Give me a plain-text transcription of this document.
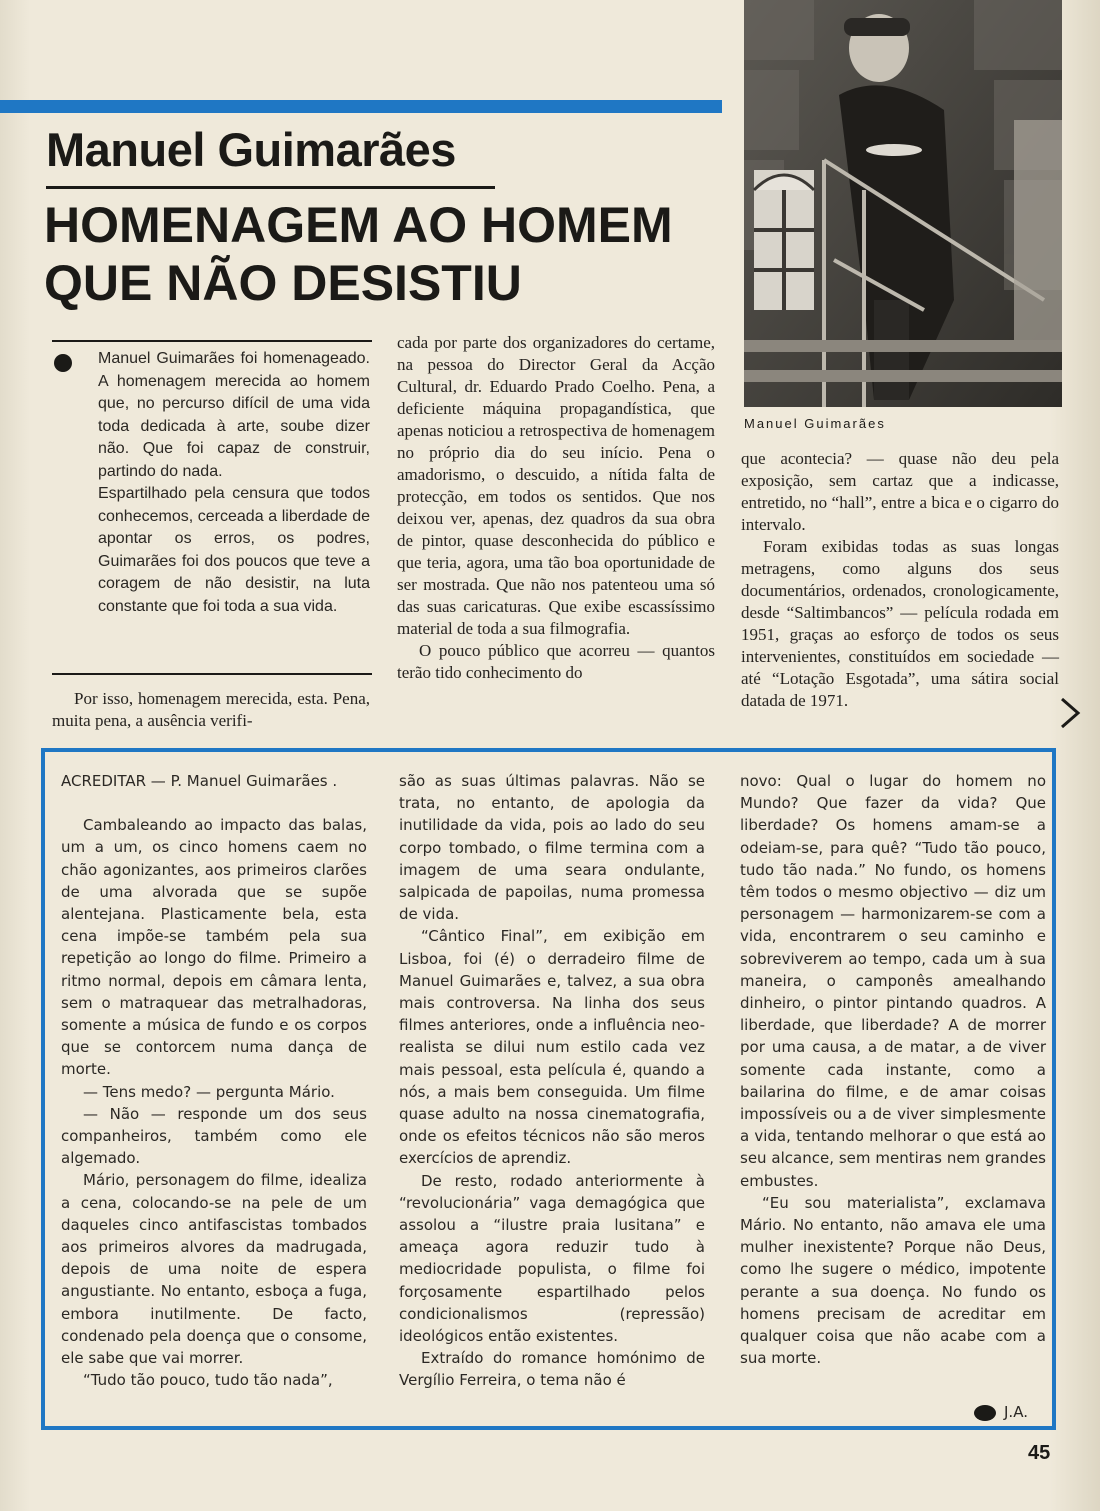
Manuel Guimarães
HOMENAGEM AO HOMEM
QUE NÃO DESISTIU
Manuel Guimarães

Manuel Guimarães foi homenageado. A homenagem merecida ao homem que, no percurso difícil de uma vida toda dedicada à arte, soube dizer não. Que foi capaz de construir, partindo do nada.

Espartilhado pela censura que todos conhecemos, cerceada a liberdade de apontar os erros, os podres, Guimarães foi dos poucos que teve a coragem de não desistir, na luta constante que foi toda a sua vida.

Por isso, homenagem merecida, esta. Pena, muita pena, a ausência verifi-

cada por parte dos organizadores do certame, na pessoa do Director Geral da Acção Cultural, dr. Eduardo Prado Coelho. Pena, a deficiente máquina propagandística, que apenas noticiou a retrospectiva de homenagem no próprio dia do seu início. Pena o amadorismo, o descuido, a nítida falta de protecção, em todos os sentidos. Que nos deixou ver, apenas, dez quadros da sua obra de pintor, quase desconhecida do público e que teria, agora, uma tão boa oportunidade de ser mostrada. Que não nos patenteou uma só das suas caricaturas. Que exibe escassíssimo material de toda a sua filmografia.

O pouco público que acorreu — quantos terão tido conhecimento do

que acontecia? — quase não deu pela exposição, sem cartaz que a indicasse, entretido, no “hall”, entre a bica e o cigarro do intervalo.

Foram exibidas todas as suas longas metragens, como alguns dos seus documentários, ordenados, cronologicamente, desde “Saltimbancos” — película rodada em 1951, graças ao esforço de todos os seus intervenientes, constituídos em sociedade — até “Lotação Esgotada”, uma sátira social datada de 1971.

ACREDITAR — P. Manuel Guimarães .

Cambaleando ao impacto das balas, um a um, os cinco homens caem no chão agonizantes, aos primeiros clarões de uma alvorada que se supõe alentejana. Plasticamente bela, esta cena impõe-se também pela sua repetição ao longo do filme. Primeiro a ritmo normal, depois em câmara lenta, sem o matraquear das metralhadoras, somente a música de fundo e os corpos que se contorcem numa dança de morte.

— Tens medo? — pergunta Mário.

— Não — responde um dos seus companheiros, também como ele algemado.

Mário, personagem do filme, idealiza a cena, colocando-se na pele de um daqueles cinco antifascistas tombados aos primeiros alvores da madrugada, depois de uma noite de espera angustiante. No entanto, esboça a fuga, embora inutilmente. De facto, condenado pela doença que o consome, ele sabe que vai morrer.

“Tudo tão pouco, tudo tão nada”,

são as suas últimas palavras. Não se trata, no entanto, de apologia da inutilidade da vida, pois ao lado do seu corpo tombado, o filme termina com a imagem de uma seara ondulante, salpicada de papoilas, numa promessa de vida.

“Cântico Final”, em exibição em Lisboa, foi (é) o derradeiro filme de Manuel Guimarães e, talvez, a sua obra mais controversa. Na linha dos seus filmes anteriores, onde a influência neo-realista se dilui num estilo cada vez mais pessoal, esta película é, quando a nós, a mais bem conseguida. Um filme quase adulto na nossa cinematografia, onde os efeitos técnicos não são meros exercícios de aprendiz.

De resto, rodado anteriormente à “revolucionária” vaga demagógica que assolou a “ilustre praia lusitana” e ameaça agora reduzir tudo à mediocridade populista, o filme foi forçosamente espartilhado pelos condicionalismos (repressão) ideológicos então existentes.

Extraído do romance homónimo de Vergílio Ferreira, o tema não é

novo: Qual o lugar do homem no Mundo? Que fazer da vida? Que liberdade? Os homens amam-se a odeiam-se, para quê? “Tudo tão pouco, tudo tão nada.” No fundo, os homens têm todos o mesmo objectivo — diz um personagem — harmonizarem-se com a vida, encontrarem o seu caminho e sobreviverem ao tempo, cada um à sua maneira, o camponês amealhando dinheiro, o pintor pintando quadros. A liberdade, que liberdade? A de morrer por uma causa, a de matar, a de viver somente cada instante, como a bailarina do filme, e de amar coisas impossíveis ou a de viver simplesmente a vida, tentando melhorar o que está ao seu alcance, sem mentiras nem grandes embustes.

“Eu sou materialista”, exclamava Mário. No entanto, não amava ele uma mulher inexistente? Porque não Deus, como lhe sugere o médico, impotente perante a sua doença. No fundo os homens precisam de acreditar em qualquer coisa que não acabe com a sua morte.

J.A.
45
